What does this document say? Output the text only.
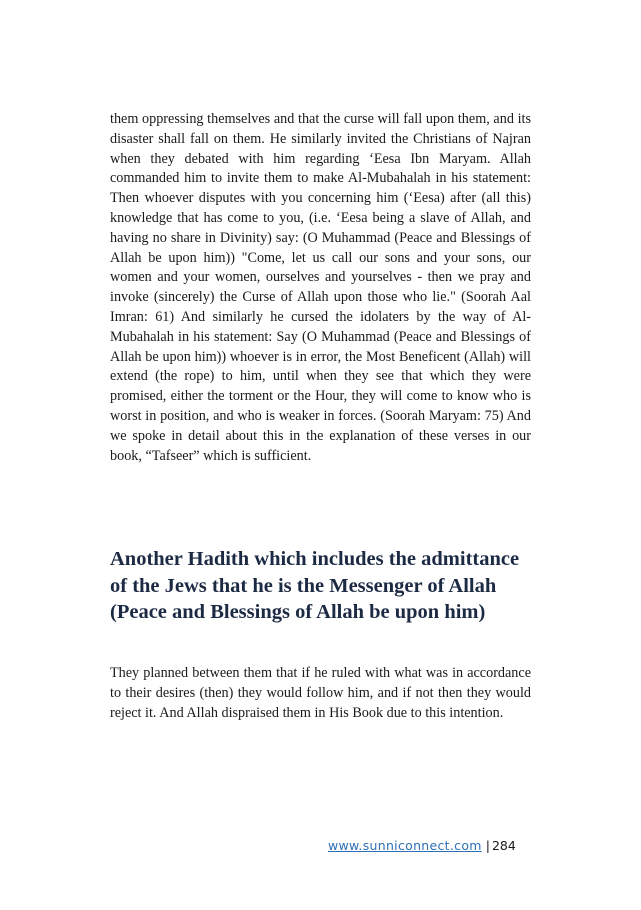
them oppressing themselves and that the curse will fall upon them, and its disaster shall fall on them. He similarly invited the Christians of Najran when they debated with him regarding ‘Eesa Ibn Maryam. Allah commanded him to invite them to make Al-Mubahalah in his statement: Then whoever disputes with you concerning him (‘Eesa) after (all this) knowledge that has come to you, (i.e. ‘Eesa being a slave of Allah, and having no share in Divinity) say: (O Muhammad (Peace and Blessings of Allah be upon him)) "Come, let us call our sons and your sons, our women and your women, ourselves and yourselves - then we pray and invoke (sincerely) the Curse of Allah upon those who lie." (Soorah Aal Imran: 61) And similarly he cursed the idolaters by the way of Al-Mubahalah in his statement: Say (O Muhammad (Peace and Blessings of Allah be upon him)) whoever is in error, the Most Beneficent (Allah) will extend (the rope) to him, until when they see that which they were promised, either the torment or the Hour, they will come to know who is worst in position, and who is weaker in forces. (Soorah Maryam: 75) And we spoke in detail about this in the explanation of these verses in our book, “Tafseer” which is sufficient.

Another Hadith which includes the admittance of the Jews that he is the Messenger of Allah (Peace and Blessings of Allah be upon him)

They planned between them that if he ruled with what was in accordance to their desires (then) they would follow him, and if not then they would reject it. And Allah dispraised them in His Book due to this intention.

www.sunniconnect.com | 284
